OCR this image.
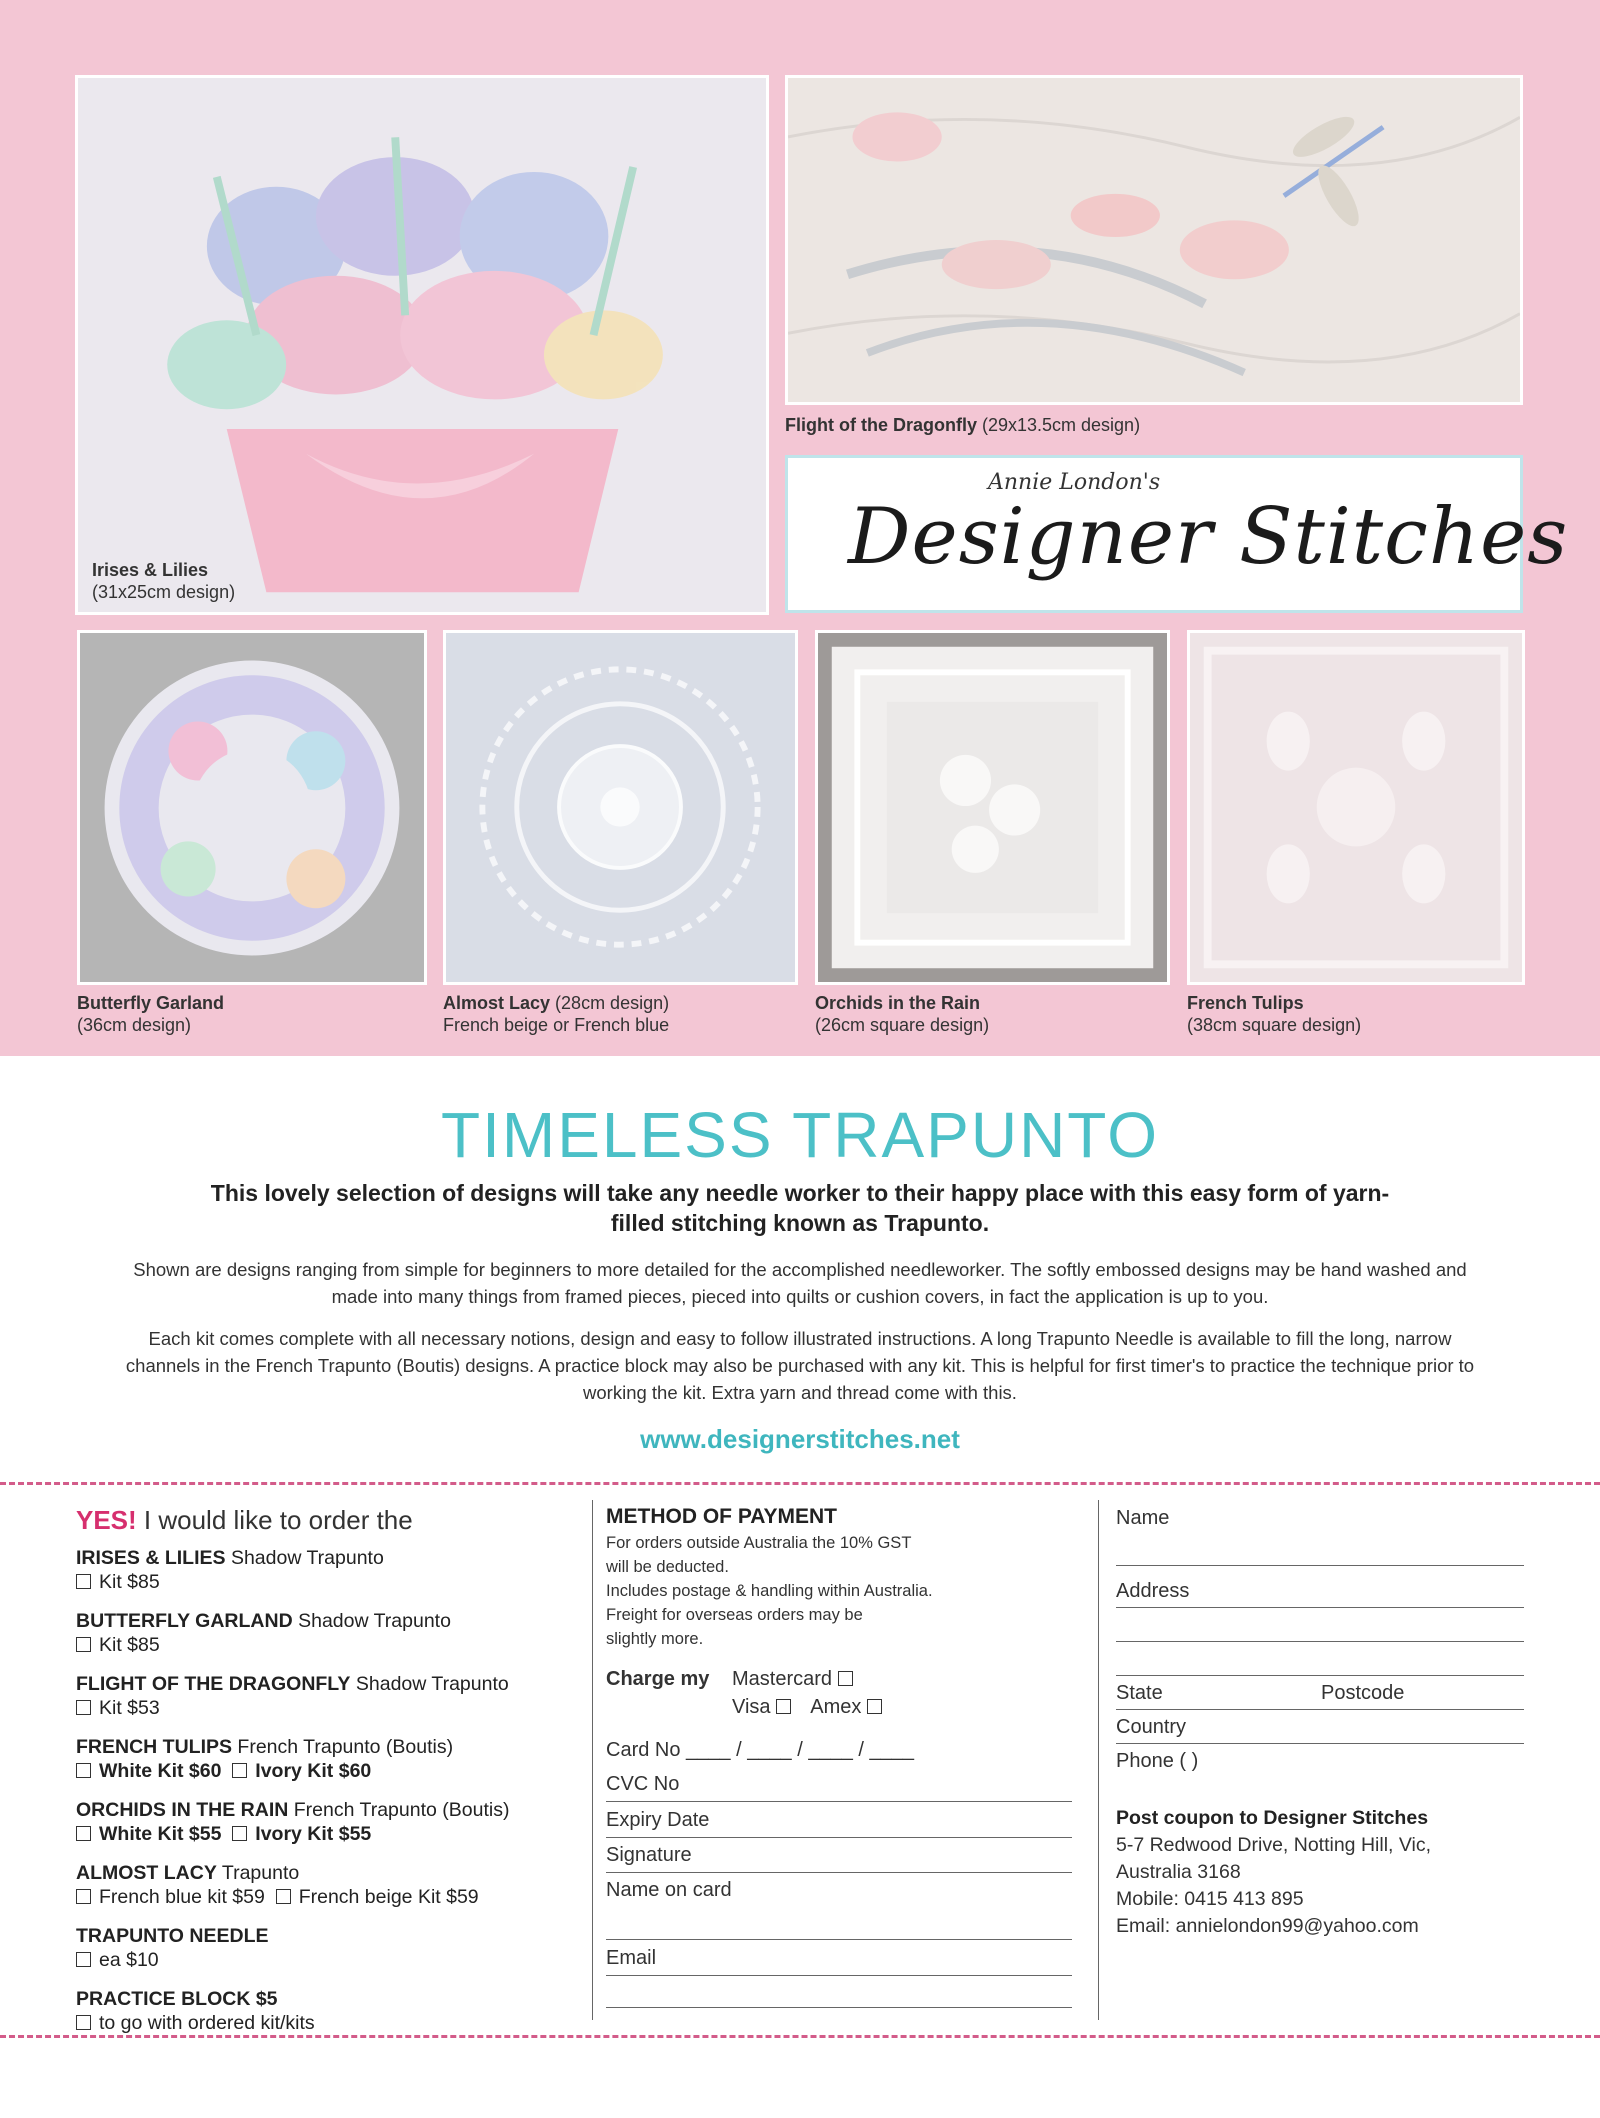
Irises & Lilies
(31x25cm design)
Flight of the Dragonfly (29x13.5cm design)
Annie London's
Designer Stitches
Butterfly Garland
(36cm design)
Almost Lacy (28cm design)
French beige or French blue
Orchids in the Rain
(26cm square design)
French Tulips
(38cm square design)
TIMELESS TRAPUNTO
This lovely selection of designs will take any needle worker to their happy place with this easy form of yarn-filled stitching known as Trapunto.
Shown are designs ranging from simple for beginners to more detailed for the accomplished needleworker. The softly embossed designs may be hand washed and made into many things from framed pieces, pieced into quilts or cushion covers, in fact the application is up to you.
Each kit comes complete with all necessary notions, design and easy to follow illustrated instructions. A long Trapunto Needle is available to fill the long, narrow channels in the French Trapunto (Boutis) designs. A practice block may also be purchased with any kit. This is helpful for first timer's to practice the technique prior to working the kit. Extra yarn and thread come with this.
www.designerstitches.net
YES! I would like to order the
IRISES & LILIES Shadow Trapunto
Kit $85
BUTTERFLY GARLAND Shadow Trapunto
Kit $85
FLIGHT OF THE DRAGONFLY Shadow Trapunto
Kit $53
FRENCH TULIPS French Trapunto (Boutis)
White Kit $60 Ivory Kit $60
ORCHIDS IN THE RAIN French Trapunto (Boutis)
White Kit $55 Ivory Kit $55
ALMOST LACY Trapunto
French blue kit $59 French beige Kit $59
TRAPUNTO NEEDLE
ea $10
PRACTICE BLOCK $5
to go with ordered kit/kits
METHOD OF PAYMENT
For orders outside Australia the 10% GST
will be deducted.
Includes postage & handling within Australia.
Freight for overseas orders may be
slightly more.
Charge my Mastercard
Visa Amex
Card No ____ / ____ / ____ / ____
CVC No
Expiry Date
Signature
Name on card
Email
Name
Address
State	Postcode
Country
Phone ( )
Post coupon to Designer Stitches
5-7 Redwood Drive, Notting Hill, Vic,
Australia 3168
Mobile: 0415 413 895
Email: annielondon99@yahoo.com
